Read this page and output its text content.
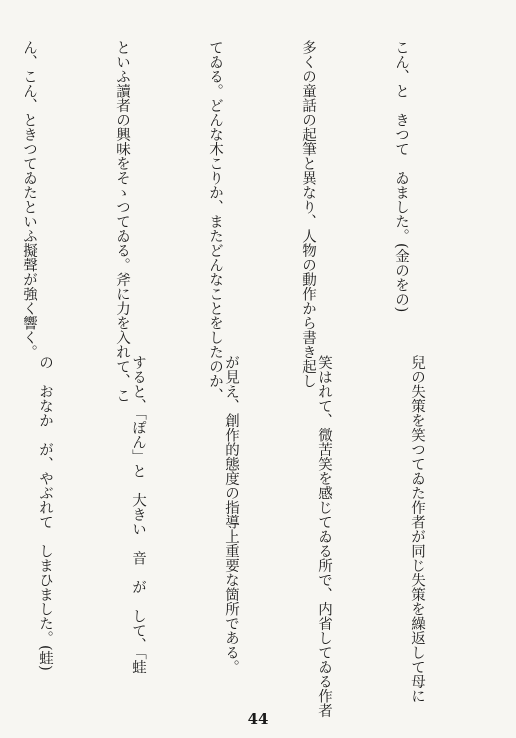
こん、と　きつて　ゐました。(金のをの)

多くの童話の起筆と異なり、人物の動作から書き起し

てゐる。どんな木こりか、またどんなことをしたのか、

といふ讀者の興味をそゝつてゐる。斧に力を入れて、こ

ん、こん、ときつてゐたといふ擬聲が強く響く。

兒の失策を笑つてゐた作者が同じ失策を繰返して母に

笑はれて、微苦笑を感じてゐる所で、内省してゐる作者

が見え、創作的態度の指導上重要な箇所である。

すると、「ぽん」と　大きい　音　が　して、「蛙

の　おなか　が、やぶれて　しまひました。(蛙)

44
